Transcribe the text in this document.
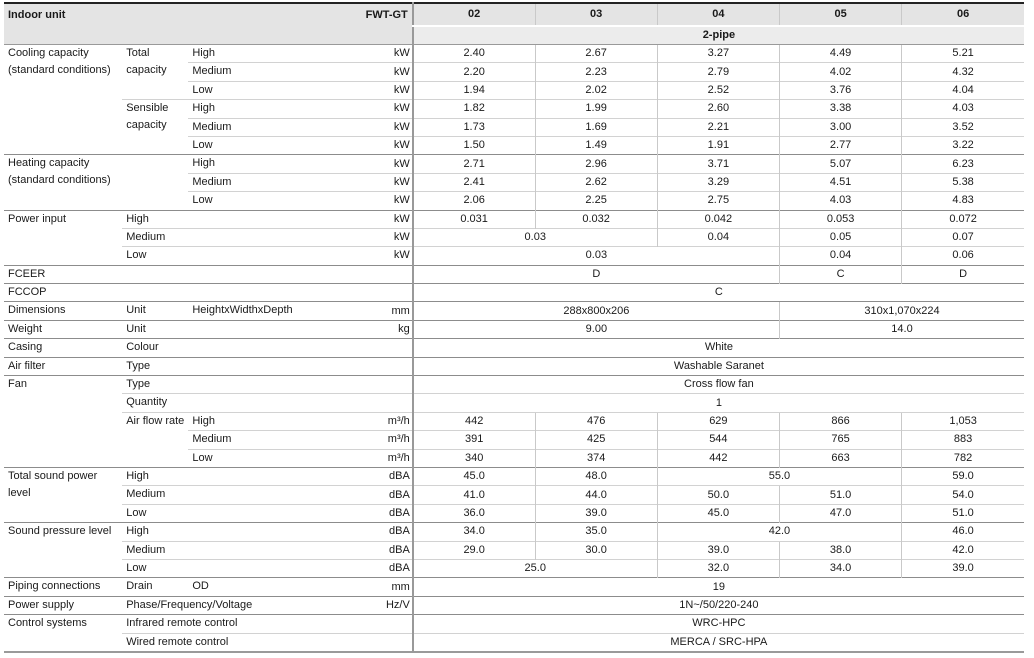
Indoor unit FWT-GT				02	03	04	05	06
				2-pipe				
Cooling capacity (standard conditions)	Total capacity	High	kW	2.40	2.67	3.27	4.49	5.21
		Medium	kW	2.20	2.23	2.79	4.02	4.32
		Low	kW	1.94	2.02	2.52	3.76	4.04
	Sensible capacity	High	kW	1.82	1.99	2.60	3.38	4.03
		Medium	kW	1.73	1.69	2.21	3.00	3.52
		Low	kW	1.50	1.49	1.91	2.77	3.22
Heating capacity (standard conditions)		High	kW	2.71	2.96	3.71	5.07	6.23
		Medium	kW	2.41	2.62	3.29	4.51	5.38
		Low	kW	2.06	2.25	2.75	4.03	4.83
Power input	High		kW	0.031	0.032	0.042	0.053	0.072
	Medium		kW	0.03		0.04	0.05	0.07
	Low		kW	0.03			0.04	0.06
FCEER				D			C	D
FCCOP				C				
Dimensions	Unit	HeightxWidthxDepth	mm	288x800x206			310x1,070x224	
Weight	Unit		kg	9.00			14.0	
Casing	Colour			White				
Air filter	Type			Washable Saranet				
Fan	Type			Cross flow fan				
	Quantity			1				
	Air flow rate	High	m³/h	442	476	629	866	1,053
		Medium	m³/h	391	425	544	765	883
		Low	m³/h	340	374	442	663	782
Total sound power level	High		dBA	45.0	48.0	55.0		59.0
	Medium		dBA	41.0	44.0	50.0	51.0	54.0
	Low		dBA	36.0	39.0	45.0	47.0	51.0
Sound pressure level	High		dBA	34.0	35.0	42.0		46.0
	Medium		dBA	29.0	30.0	39.0	38.0	42.0
	Low		dBA	25.0		32.0	34.0	39.0
Piping connections	Drain	OD	mm	19				
Power supply	Phase/Frequency/Voltage		Hz/V	1N~/50/220-240				
Control systems	Infrared remote control			WRC-HPC				
	Wired remote control			MERCA / SRC-HPA				
